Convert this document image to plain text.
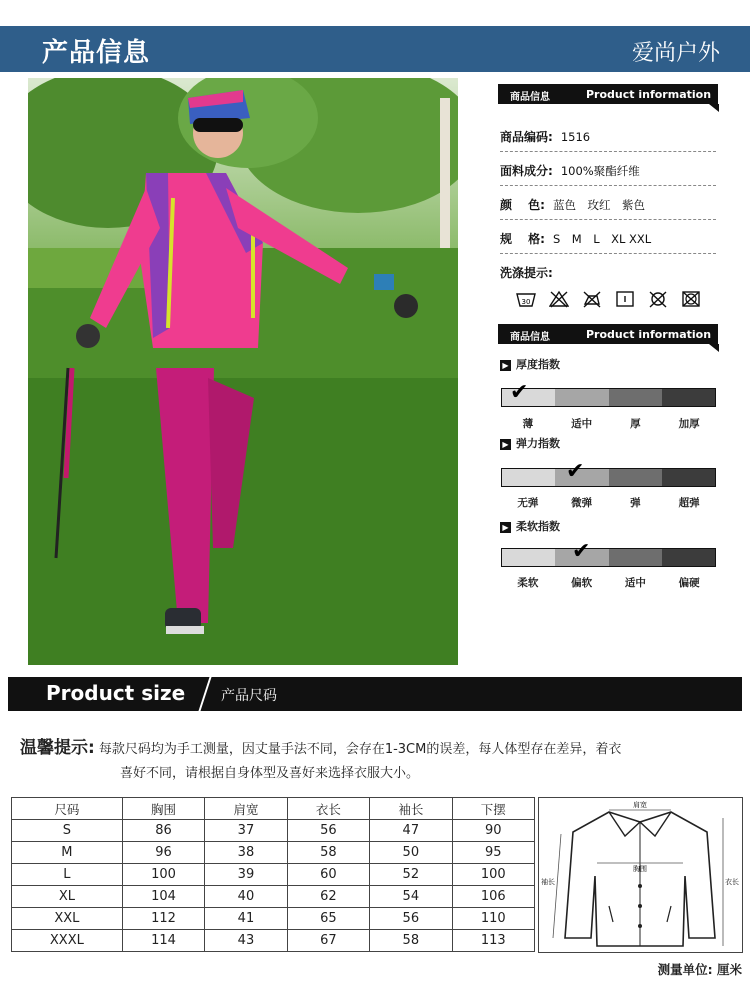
产品信息	爱尚户外
商品信息	Product information
商品编码: 1516
面料成分: 100%聚酯纤维
颜　 色: 蓝色　玫红　紫色
规　 格: S　M　L　XL XXL
洗涤提示:
30
商品信息	Product information
▶ 厚度指数
✔
薄	适中	厚	加厚
▶ 弹力指数
✔
无弹	微弹	弹	超弹
▶ 柔软指数
✔
柔软	偏软	适中	偏硬
Product size	产品尺码
温馨提示: 每款尺码均为手工测量，因丈量手法不同，会存在1-3CM的误差，每人体型存在差异，着衣
喜好不同，请根据自身体型及喜好来选择衣服大小。
尺码	胸围	肩宽	衣长	袖长	下摆
S	86	37	56	47	90
M	96	38	58	50	95
L	100	39	60	52	100
XL	104	40	62	54	106
XXL	112	41	65	56	110
XXXL	114	43	67	58	113
肩宽
胸围
袖长	衣长
测量单位: 厘米
